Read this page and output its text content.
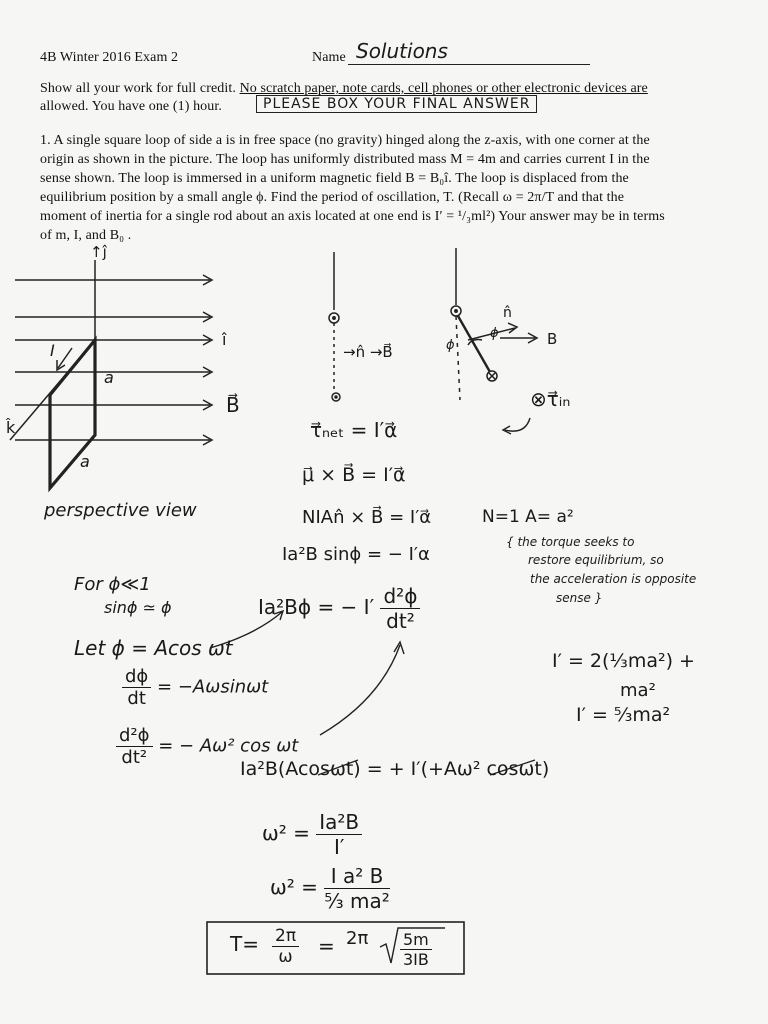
4B Winter 2016 Exam 2	Name Solutions
Show all your work for full credit. No scratch paper, note cards, cell phones or other electronic devices are
allowed. You have one (1) hour.	PLEASE BOX YOUR FINAL ANSWER
1. A single square loop of side a is in free space (no gravity) hinged along the z-axis, with one corner at the
origin as shown in the picture. The loop has uniformly distributed mass M = 4m and carries current I in the
sense shown. The loop is immersed in a uniform magnetic field B = B₀î. The loop is displaced from the
equilibrium position by a small angle ϕ. Find the period of oscillation, T. (Recall ω = 2π/T and that the
moment of inertia for a single rod about an axis located at one end is I′ = ¹/₃ml²) Your answer may be in terms
of m, I, and B₀ .
↑ĵ
î
k̂
B⃗
I
a
a
perspective view
→n̂ →B⃗
n̂
ϕ	B
ϕ
⊗τ⃗ᵢₙ
τ⃗ₙₑₜ = I′α⃗
μ⃗ × B⃗ = I′α⃗
NIAn̂ × B⃗ = I′α⃗	N=1 A= a²
Ia²B sinϕ = − I′α
{ the torque seeks to
restore equilibrium, so
the acceleration is opposite
sense }
For ϕ≪1
sinϕ ≃ ϕ	Ia²Bϕ = − $I' \frac{\text{d²ϕ}}{\text{dt²}}$
Let ϕ = Acos ωt
$\frac{d\phi}{dt} = -A\omega\sin\omega t$
$\frac{\text{d²ϕ}}{\text{dt²}}$ = − Aω² cos ωt
I′ = 2(⅓ma²) +
ma²
I′ = ⁵⁄₃ma²
Ia²B(Acosωt) = + I′(+Aω² cosωt)
$\omega^2 = \frac{\text{Ia²B}}{I'}$
$\omega^2 = \frac{\text{I a² B}}{\text{⁵⁄₃ ma²}}$
$T= \frac{2\pi}{\omega} = 2\pi \frac{5m}{3IB}$
